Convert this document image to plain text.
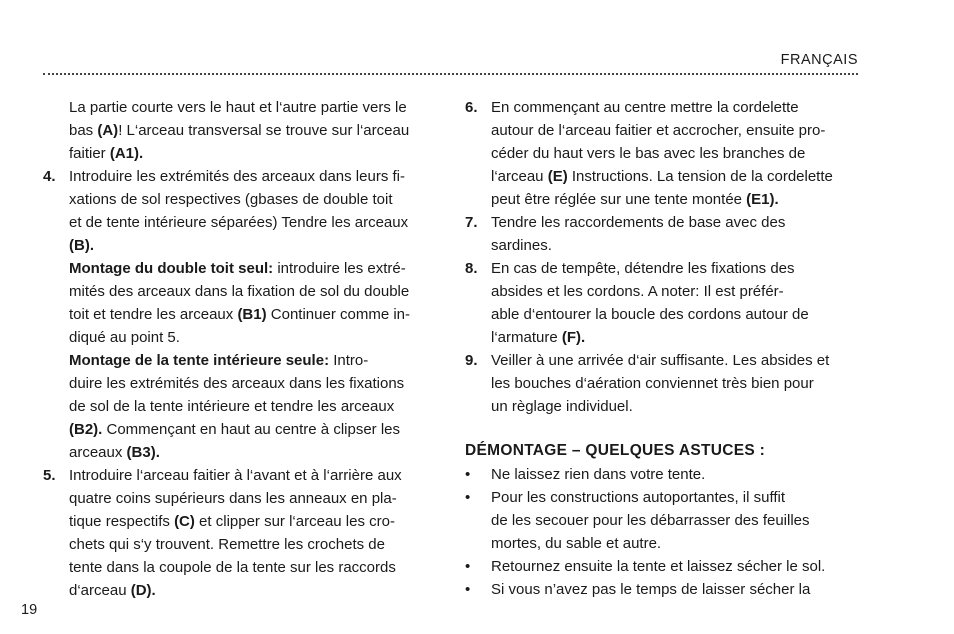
FRANÇAIS
La partie courte vers le haut et l‘autre partie vers le
bas (A)! L‘arceau transversal se trouve sur l‘arceau
faitier (A1).
4. Introduire les extrémités des arceaux dans leurs fi-
xations de sol respectives (gbases de double toit
et de tente intérieure séparées) Tendre les arceaux
(B).
Montage du double toit seul: introduire les extré-
mités des arceaux dans la fixation de sol du double
toit et tendre les arceaux (B1) Continuer comme in-
diqué au point 5.
Montage de la tente intérieure seule: Intro-
duire les extrémités des arceaux dans les fixations
de sol de la tente intérieure et tendre les arceaux
(B2). Commençant en haut au centre à clipser les
arceaux (B3).
5. Introduire l‘arceau faitier à l‘avant et à l‘arrière aux
quatre coins supérieurs dans les anneaux en pla-
tique respectifs (C) et clipper sur l‘arceau les cro-
chets qui s‘y trouvent. Remettre les crochets de
tente dans la coupole de la tente sur les raccords
d‘arceau (D).
6. En commençant au centre mettre la cordelette
autour de l‘arceau faitier et accrocher, ensuite pro-
céder du haut vers le bas avec les branches de
l‘arceau (E) Instructions. La tension de la cordelette
peut être réglée sur une tente montée (E1).
7. Tendre les raccordements de base avec des
sardines.
8. En cas de tempête, détendre les fixations des
absides et les cordons. A noter: Il est préfér-
able d‘entourer la boucle des cordons autour de
l‘armature (F).
9. Veiller à une arrivée d‘air suffisante. Les absides et
les bouches d‘aération conviennet très bien pour
un règlage individuel.
DÉMONTAGE – QUELQUES ASTUCES :
• Ne laissez rien dans votre tente.
• Pour les constructions autoportantes, il suffit
de les secouer pour les débarrasser des feuilles
mortes, du sable et autre.
• Retournez ensuite la tente et laissez sécher le sol.
• Si vous n’avez pas le temps de laisser sécher la
19
